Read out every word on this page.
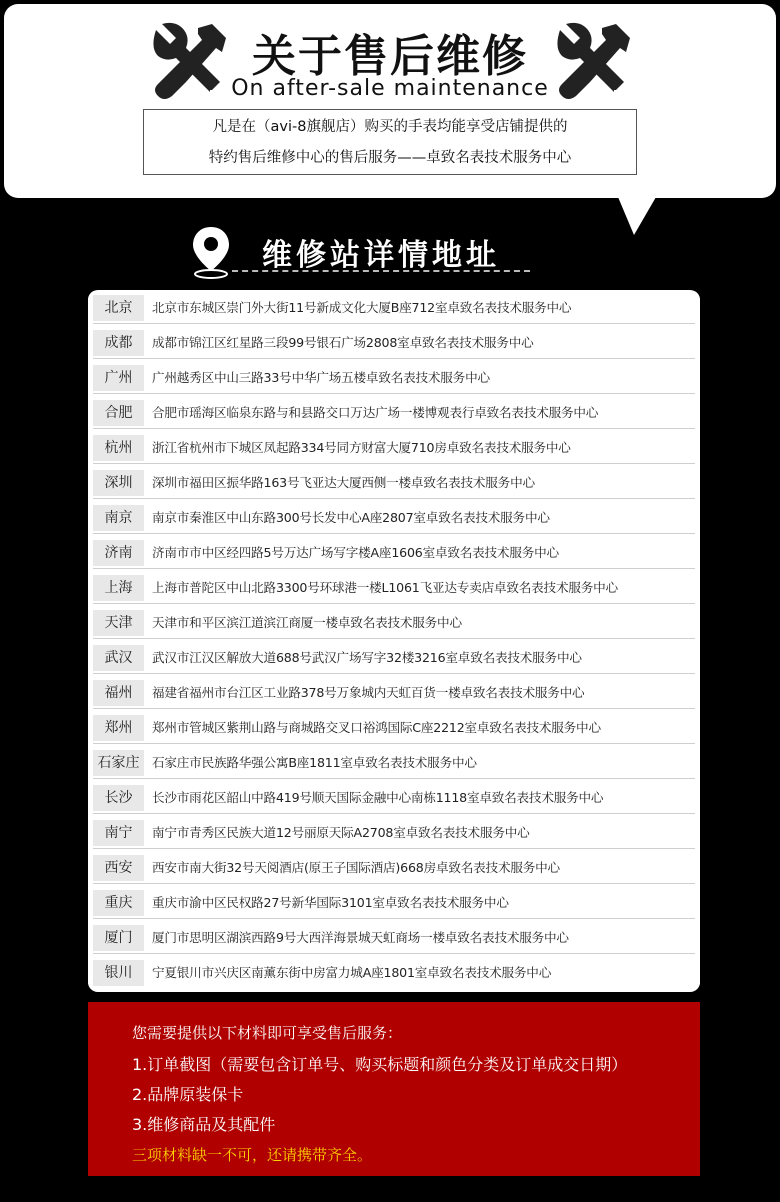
关于售后维修
On after-sale maintenance
凡是在（avi-8旗舰店）购买的手表均能享受店铺提供的
特约售后维修中心的售后服务——卓致名表技术服务中心
维修站详情地址
北京	北京市东城区崇门外大街11号新成文化大厦B座712室卓致名表技术服务中心
成都	成都市锦江区红星路三段99号银石广场2808室卓致名表技术服务中心
广州	广州越秀区中山三路33号中华广场五楼卓致名表技术服务中心
合肥	合肥市瑶海区临泉东路与和县路交口万达广场一楼博观表行卓致名表技术服务中心
杭州	浙江省杭州市下城区凤起路334号同方财富大厦710房卓致名表技术服务中心
深圳	深圳市福田区振华路163号飞亚达大厦西侧一楼卓致名表技术服务中心
南京	南京市秦淮区中山东路300号长发中心A座2807室卓致名表技术服务中心
济南	济南市市中区经四路5号万达广场写字楼A座1606室卓致名表技术服务中心
上海	上海市普陀区中山北路3300号环球港一楼L1061飞亚达专卖店卓致名表技术服务中心
天津	天津市和平区滨江道滨江商厦一楼卓致名表技术服务中心
武汉	武汉市江汉区解放大道688号武汉广场写字32楼3216室卓致名表技术服务中心
福州	福建省福州市台江区工业路378号万象城内天虹百货一楼卓致名表技术服务中心
郑州	郑州市管城区紫荆山路与商城路交叉口裕鸿国际C座2212室卓致名表技术服务中心
石家庄 石家庄市民族路华强公寓B座1811室卓致名表技术服务中心
长沙	长沙市雨花区韶山中路419号顺天国际金融中心南栋1118室卓致名表技术服务中心
南宁	南宁市青秀区民族大道12号丽原天际A2708室卓致名表技术服务中心
西安	西安市南大街32号天阅酒店(原王子国际酒店)668房卓致名表技术服务中心
重庆	重庆市渝中区民权路27号新华国际3101室卓致名表技术服务中心
厦门	厦门市思明区湖滨西路9号大西洋海景城天虹商场一楼卓致名表技术服务中心
银川	宁夏银川市兴庆区南薰东街中房富力城A座1801室卓致名表技术服务中心
您需要提供以下材料即可享受售后服务：
1.订单截图（需要包含订单号、购买标题和颜色分类及订单成交日期）
2.品牌原装保卡
3.维修商品及其配件
三项材料缺一不可，还请携带齐全。
